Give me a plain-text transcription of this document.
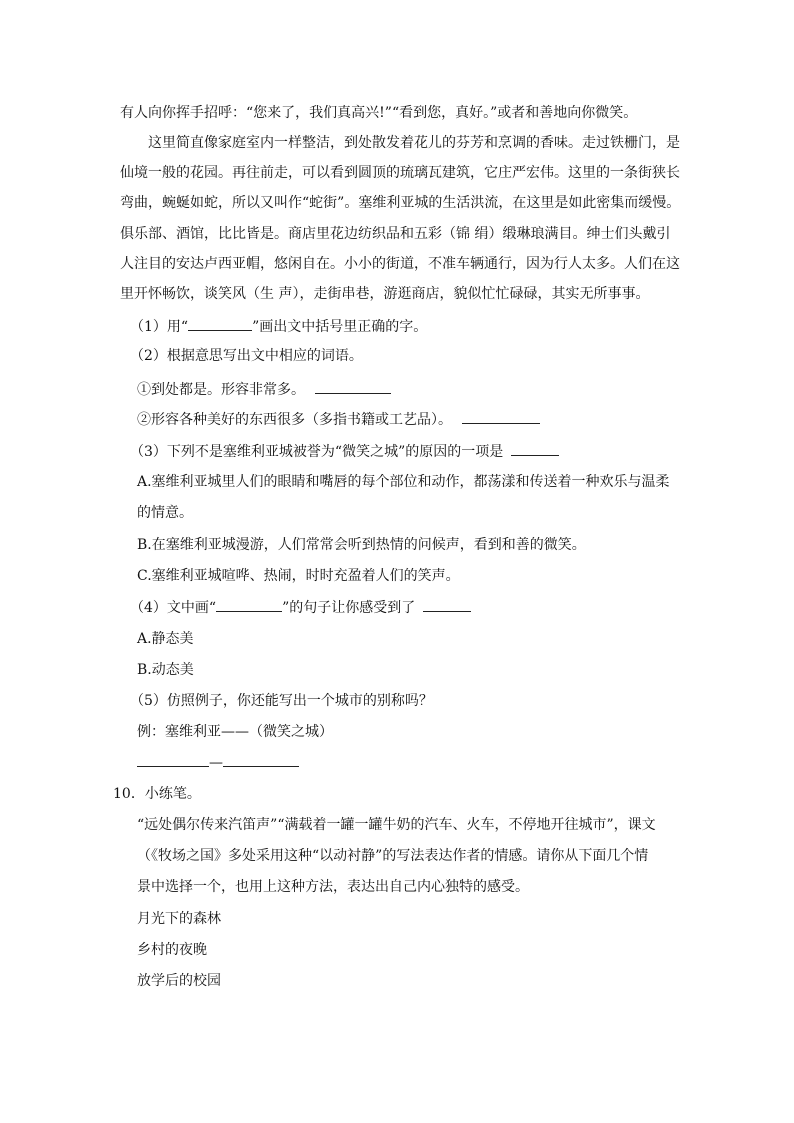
有人向你挥手招呼：“您来了，我们真高兴!”“看到您，真好。”或者和善地向你微笑。
这里简直像家庭室内一样整洁，到处散发着花儿的芬芳和烹调的香味。走过铁栅门，是
仙境一般的花园。再往前走，可以看到圆顶的琉璃瓦建筑，它庄严宏伟。这里的一条街狭长
弯曲，蜿蜒如蛇，所以又叫作“蛇街”。塞维利亚城的生活洪流，在这里是如此密集而缓慢。
俱乐部、酒馆，比比皆是。商店里花边纺织品和五彩（锦 绢）缎琳琅满目。绅士们头戴引
人注目的安达卢西亚帽，悠闲自在。小小的街道，不准车辆通行，因为行人太多。人们在这
里开怀畅饮，谈笑风（生 声），走街串巷，游逛商店，貌似忙忙碌碌，其实无所事事。
（1）用“	”画出文中括号里正确的字。
（2）根据意思写出文中相应的词语。
①到处都是。形容非常多。
②形容各种美好的东西很多（多指书籍或工艺品）。
（3）下列不是塞维利亚城被誉为“微笑之城”的原因的一项是
A.塞维利亚城里人们的眼睛和嘴唇的每个部位和动作，都荡漾和传送着一种欢乐与温柔
的情意。
B.在塞维利亚城漫游，人们常常会听到热情的问候声，看到和善的微笑。
C.塞维利亚城喧哗、热闹，时时充盈着人们的笑声。
（4）文中画“	”的句子让你感受到了
A.静态美
B.动态美
（5）仿照例子，你还能写出一个城市的别称吗？
例：塞维利亚——（微笑之城）
—
10．小练笔。
“远处偶尔传来汽笛声”“满载着一罐一罐牛奶的汽车、火车，不停地开往城市”，课文
（《牧场之国》多处采用这种“以动衬静”的写法表达作者的情感。请你从下面几个情
景中选择一个，也用上这种方法，表达出自己内心独特的感受。
月光下的森林
乡村的夜晚
放学后的校园
